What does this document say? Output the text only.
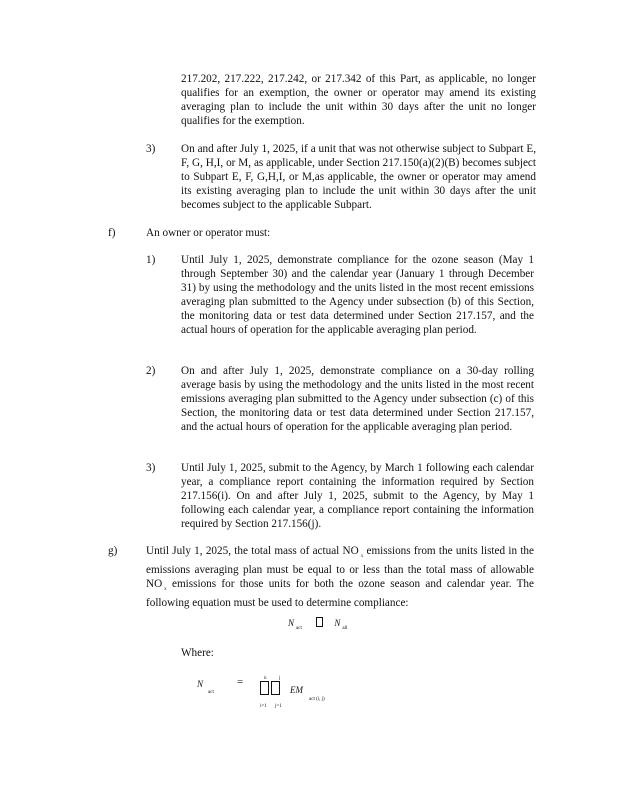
217.202, 217.222, 217.242, or 217.342 of this Part, as applicable, no longer qualifies for an exemption, the owner or operator may amend its existing averaging plan to include the unit within 30 days after the unit no longer qualifies for the exemption.

3) On and after July 1, 2025, if a unit that was not otherwise subject to Subpart E, F, G, H,I, or M, as applicable, under Section 217.150(a)(2)(B) becomes subject to Subpart E, F, G,H,I, or M,as applicable, the owner or operator may amend its existing averaging plan to include the unit within 30 days after the unit becomes subject to the applicable Subpart.

f)	An owner or operator must:

1) Until July 1, 2025, demonstrate compliance for the ozone season (May 1 through September 30) and the calendar year (January 1 through December 31) by using the methodology and the units listed in the most recent emissions averaging plan submitted to the Agency under subsection (b) of this Section, the monitoring data or test data determined under Section 217.157, and the actual hours of operation for the applicable averaging plan period.

2) On and after July 1, 2025, demonstrate compliance on a 30-day rolling average basis by using the methodology and the units listed in the most recent emissions averaging plan submitted to the Agency under subsection (c) of this Section, the monitoring data or test data determined under Section 217.157, and the actual hours of operation for the applicable averaging plan period.

3) Until July 1, 2025, submit to the Agency, by March 1 following each calendar year, a compliance report containing the information required by Section 217.156(i). On and after July 1, 2025, submit to the Agency, by May 1 following each calendar year, a compliance report containing the information required by Section 217.156(j).

g)	Until July 1, 2025, the total mass of actual NO $_x$ emissions from the units listed in the emissions averaging plan must be equal to or less than the total mass of allowable NO $_x$ emissions for those units for both the ozone season and calendar year. The following equation must be used to determine compliance:

$N_{act}$  $N_{all}$

Where:

N
act
=	n	j
i=1 j=1
EM
act (i, j)
